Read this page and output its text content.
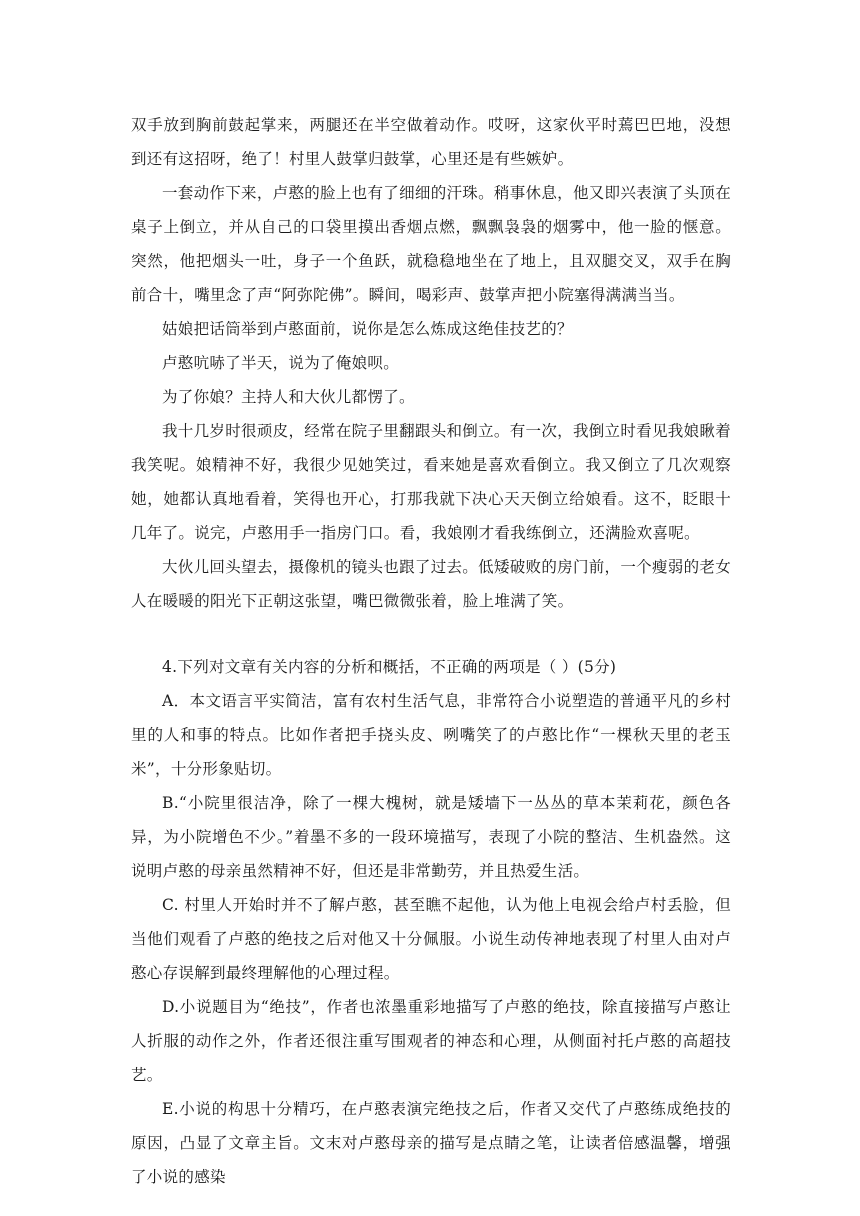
双手放到胸前鼓起掌来，两腿还在半空做着动作。哎呀，这家伙平时蔫巴巴地，没想到还有这招呀，绝了！村里人鼓掌归鼓掌，心里还是有些嫉妒。

一套动作下来，卢憨的脸上也有了细细的汗珠。稍事休息，他又即兴表演了头顶在桌子上倒立，并从自己的口袋里摸出香烟点燃，飘飘袅袅的烟雾中，他一脸的惬意。突然，他把烟头一吐，身子一个鱼跃，就稳稳地坐在了地上，且双腿交叉，双手在胸前合十，嘴里念了声“阿弥陀佛”。瞬间，喝彩声、鼓掌声把小院塞得满满当当。

姑娘把话筒举到卢憨面前，说你是怎么炼成这绝佳技艺的？

卢憨吭哧了半天，说为了俺娘呗。

为了你娘？主持人和大伙儿都愣了。

我十几岁时很顽皮，经常在院子里翻跟头和倒立。有一次，我倒立时看见我娘瞅着我笑呢。娘精神不好，我很少见她笑过，看来她是喜欢看倒立。我又倒立了几次观察她，她都认真地看着，笑得也开心，打那我就下决心天天倒立给娘看。这不，眨眼十几年了。说完，卢憨用手一指房门口。看，我娘刚才看我练倒立，还满脸欢喜呢。

大伙儿回头望去，摄像机的镜头也跟了过去。低矮破败的房门前，一个瘦弱的老女人在暖暖的阳光下正朝这张望，嘴巴微微张着，脸上堆满了笑。

4.下列对文章有关内容的分析和概括，不正确的两项是（ ）(5分)

A．本文语言平实简洁，富有农村生活气息，非常符合小说塑造的普通平凡的乡村里的人和事的特点。比如作者把手挠头皮、咧嘴笑了的卢憨比作“一棵秋天里的老玉米”，十分形象贴切。

B.“小院里很洁净，除了一棵大槐树，就是矮墙下一丛丛的草本茉莉花，颜色各异，为小院增色不少。”着墨不多的一段环境描写，表现了小院的整洁、生机盎然。这说明卢憨的母亲虽然精神不好，但还是非常勤劳，并且热爱生活。

C. 村里人开始时并不了解卢憨，甚至瞧不起他，认为他上电视会给卢村丢脸，但当他们观看了卢憨的绝技之后对他又十分佩服。小说生动传神地表现了村里人由对卢憨心存误解到最终理解他的心理过程。

D.小说题目为“绝技”，作者也浓墨重彩地描写了卢憨的绝技，除直接描写卢憨让人折服的动作之外，作者还很注重写围观者的神态和心理，从侧面衬托卢憨的高超技艺。

E.小说的构思十分精巧，在卢憨表演完绝技之后，作者又交代了卢憨练成绝技的原因，凸显了文章主旨。文末对卢憨母亲的描写是点睛之笔，让读者倍感温馨，增强了小说的感染
